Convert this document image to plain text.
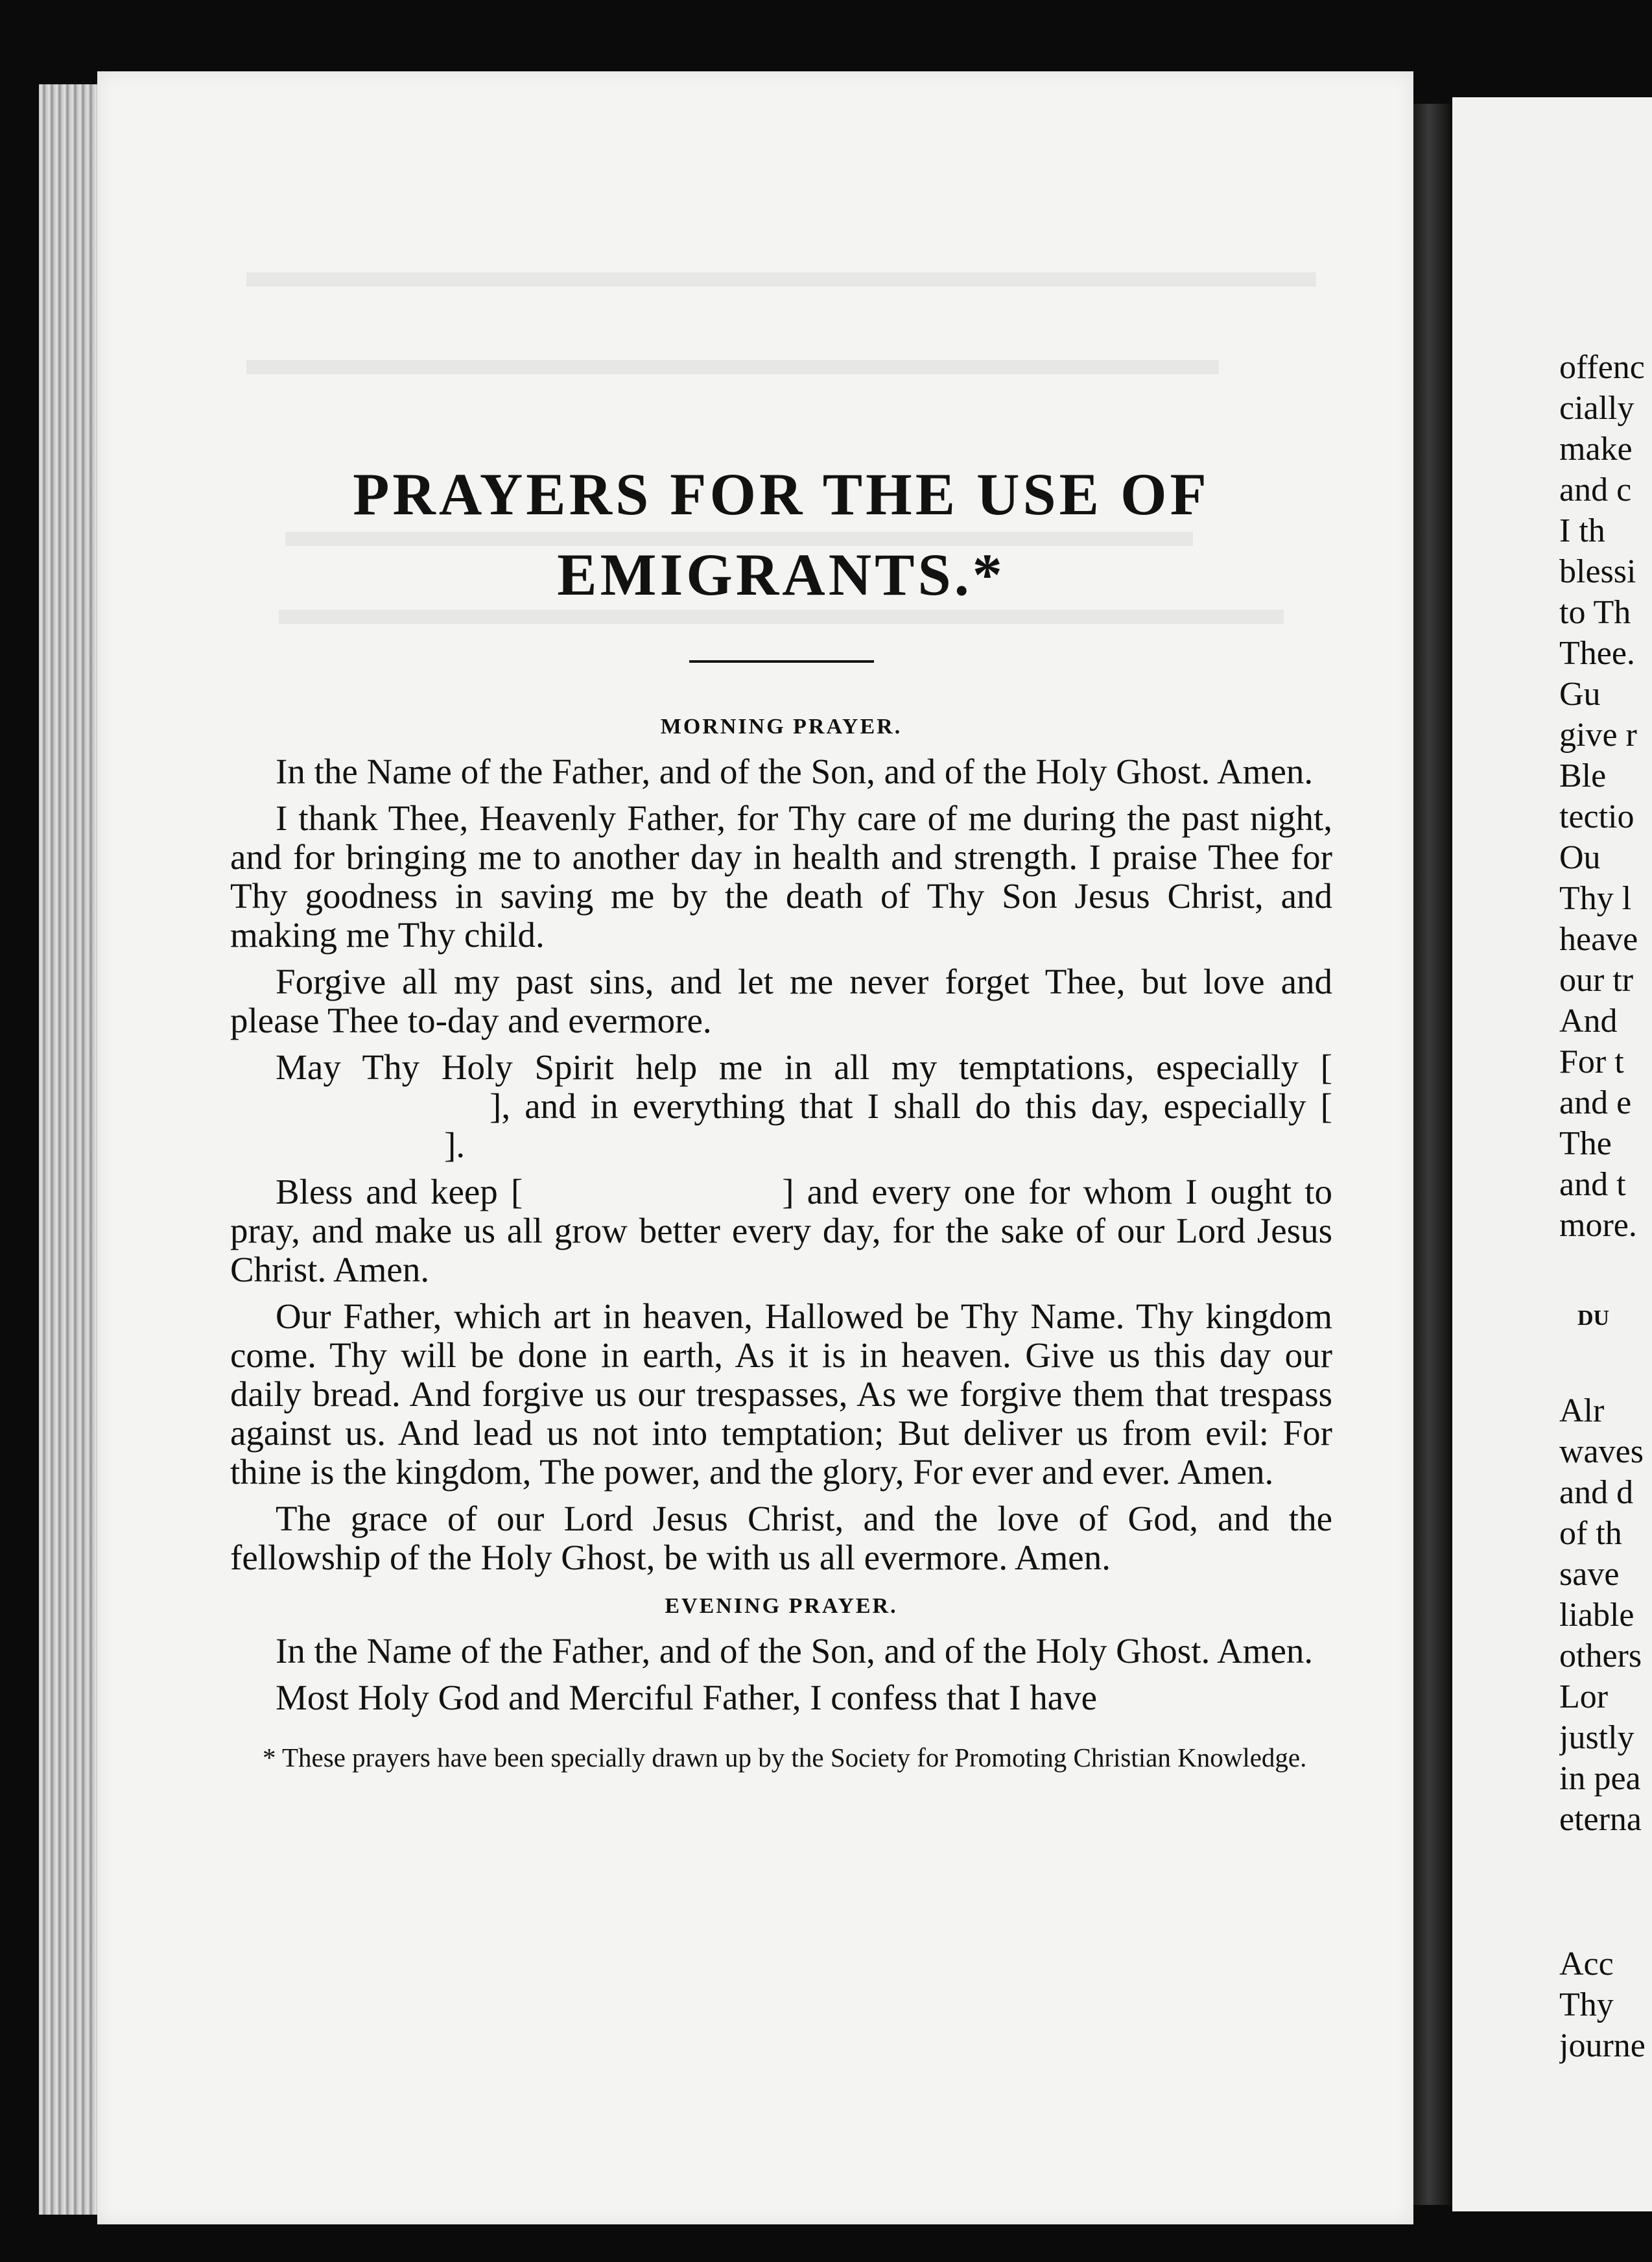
PRAYERS FOR THE USE OF
EMIGRANTS.*
MORNING PRAYER.

In the Name of the Father, and of the Son, and of the Holy Ghost. Amen.

I thank Thee, Heavenly Father, for Thy care of me during the past night, and for bringing me to another day in health and strength. I praise Thee for Thy goodness in saving me by the death of Thy Son Jesus Christ, and making me Thy child.

Forgive all my past sins, and let me never forget Thee, but love and please Thee to-day and evermore.

May Thy Holy Spirit help me in all my temptations, especially [], and in everything that I shall do this day, especially [].

Bless and keep [	] and every one for whom I ought to pray, and make us all grow better every day, for the sake of our Lord Jesus Christ. Amen.

Our Father, which art in heaven, Hallowed be Thy Name. Thy kingdom come. Thy will be done in earth, As it is in heaven. Give us this day our daily bread. And forgive us our trespasses, As we forgive them that trespass against us. And lead us not into temptation; But deliver us from evil: For thine is the kingdom, The power, and the glory, For ever and ever. Amen.

The grace of our Lord Jesus Christ, and the love of God, and the fellowship of the Holy Ghost, be with us all evermore. Amen.

EVENING PRAYER.

In the Name of the Father, and of the Son, and of the Holy Ghost. Amen.

Most Holy God and Merciful Father, I confess that I have

* These prayers have been specially drawn up by the Society for Promoting Christian Knowledge.

offenc
cially
make
and c
I th
blessi
to Th
Thee.
Gu
give r
Ble
tectio
Ou
Thy l
heave
our tr
And
For t
and e
The
and t
more.
DU
Alr
waves
and d
of th
save
liable
others
Lor
justly
in pea
eterna
Acc
Thy
journe
